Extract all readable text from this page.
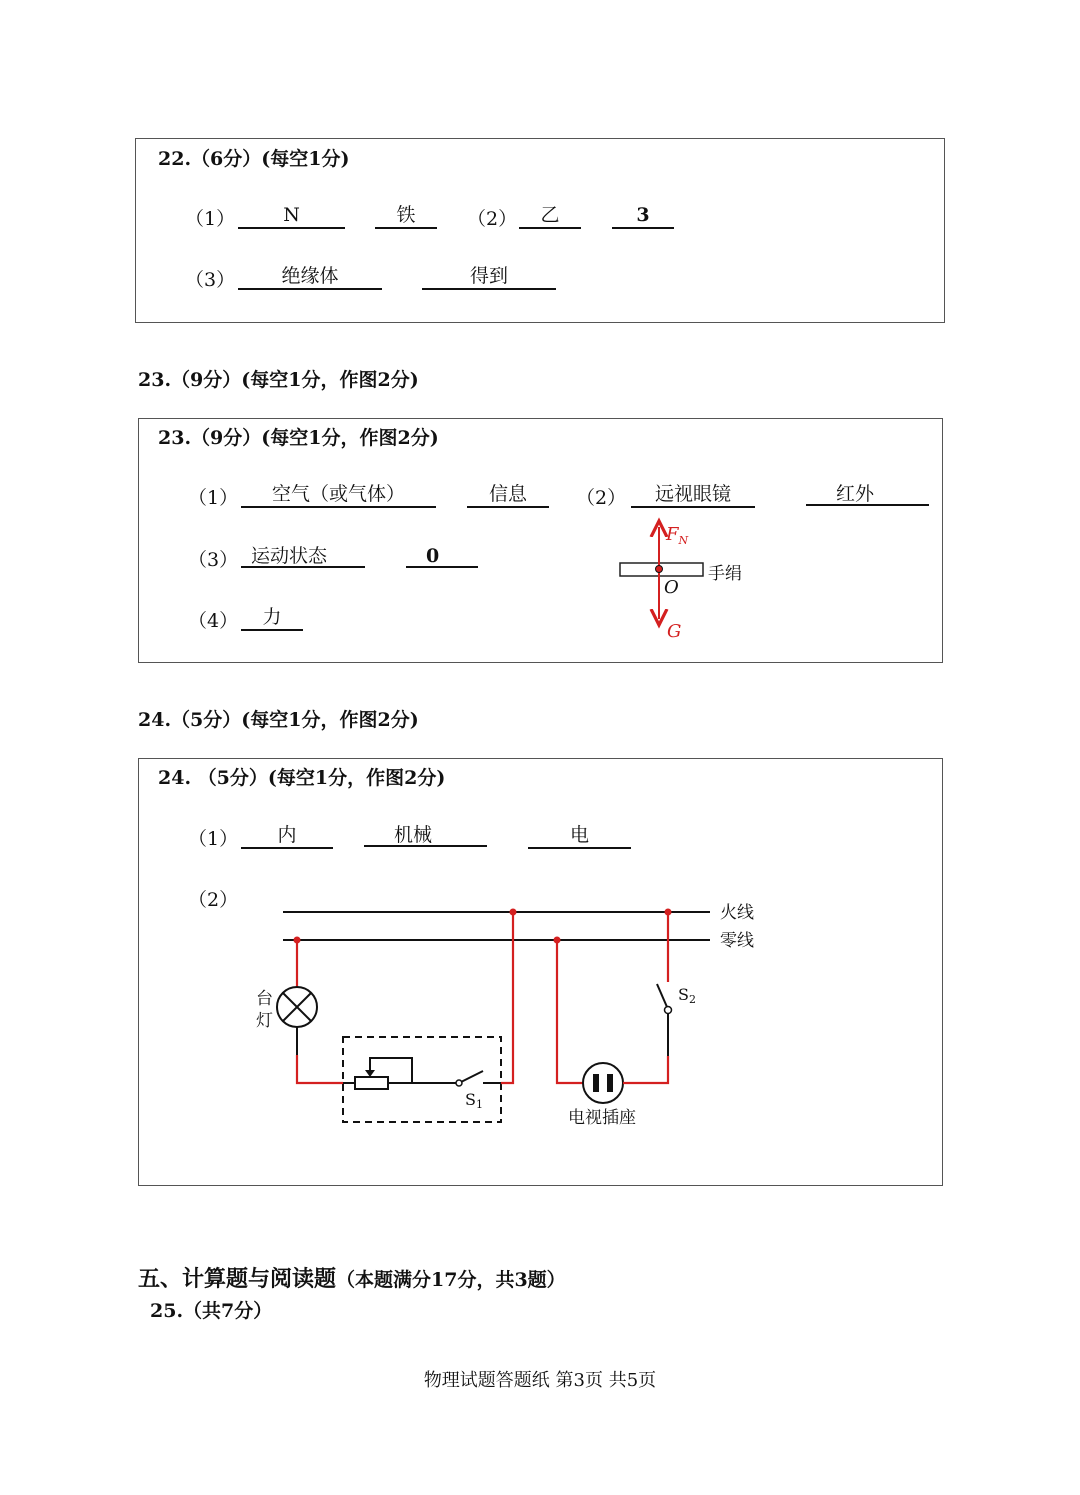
22.（6分）(每空1分)
（1）	N	铁	（2）	乙	3
（3）	绝缘体	得到
23.（9分）(每空1分，作图2分)
23.（9分）(每空1分，作图2分)
（1）	空气（或气体）	信息	（2）	远视眼镜	红外
（3） 运动状态	0
（4）	力
$F_N$
O
G
手绢
24.（5分）(每空1分，作图2分)
24. （5分）(每空1分，作图2分)
（1）	内	机械	电
（2）
火线
零线
台
灯
S1
S2
电视插座
五、计算题与阅读题（本题满分17分，共3题）
25.（共7分）
物理试题答题纸 第3页 共5页
